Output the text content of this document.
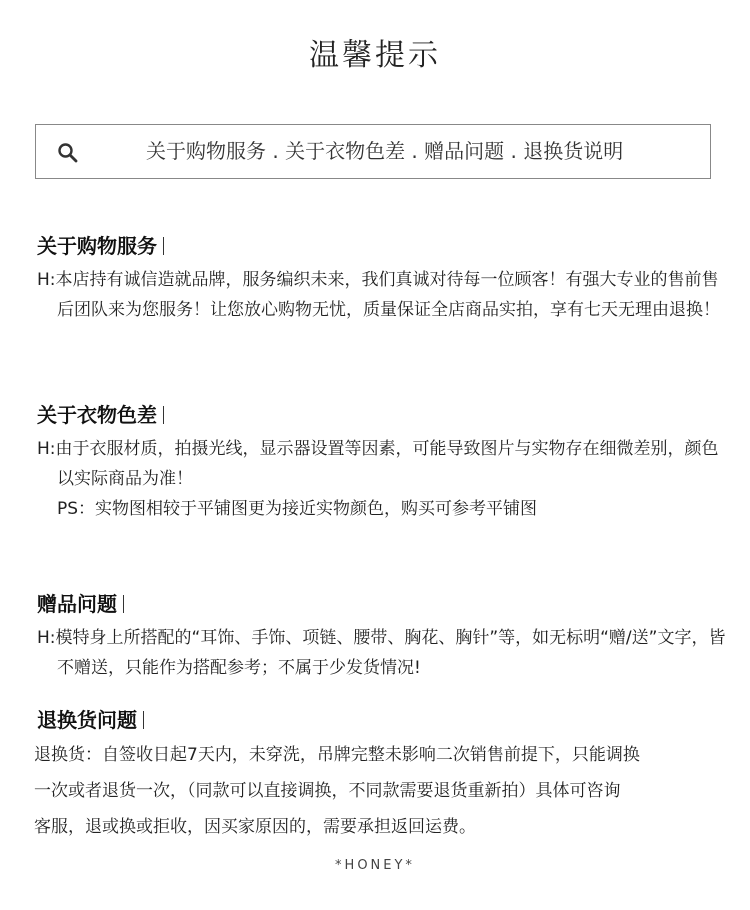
温馨提示
关于购物服务 . 关于衣物色差 . 赠品问题 . 退换货说明
关于购物服务
H:本店持有诚信造就品牌，服务编织未来，我们真诚对待每一位顾客！有强大专业的售前售后团队来为您服务！让您放心购物无忧，质量保证全店商品实拍，享有七天无理由退换！
关于衣物色差
H:由于衣服材质，拍摄光线，显示器设置等因素，可能导致图片与实物存在细微差别，颜色以实际商品为准！
PS：实物图相较于平铺图更为接近实物颜色，购买可参考平铺图
赠品问题
H:模特身上所搭配的“耳饰、手饰、项链、腰带、胸花、胸针”等，如无标明“赠/送”文字，皆不赠送，只能作为搭配参考；不属于少发货情况!
退换货问题
退换货：自签收日起7天内，未穿洗，吊牌完整未影响二次销售前提下，只能调换
一次或者退货一次，（同款可以直接调换，不同款需要退货重新拍）具体可咨询
客服，退或换或拒收，因买家原因的，需要承担返回运费。
*HONEY*
